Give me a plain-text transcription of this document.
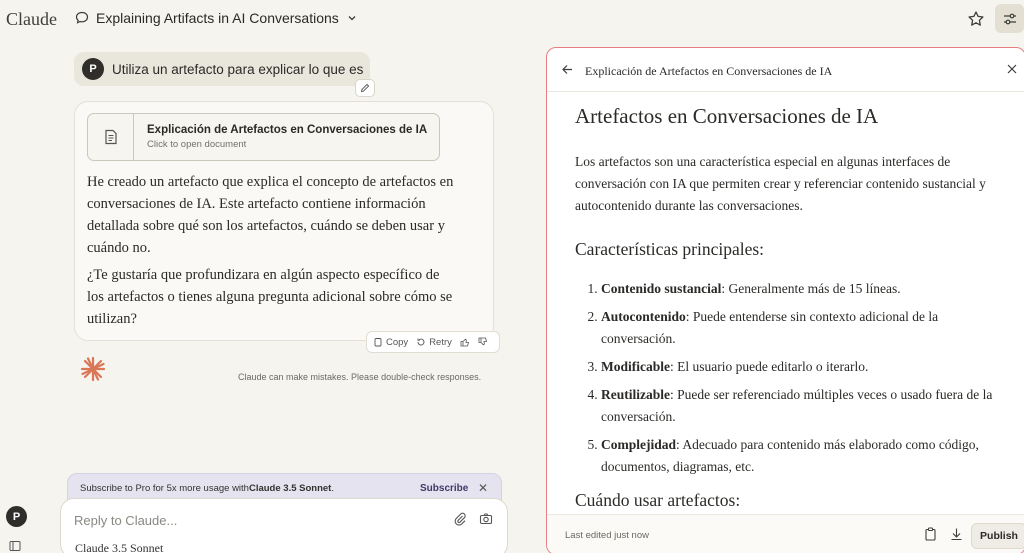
Claude	Explaining Artifacts in AI Conversations
P	Utiliza un artefacto para explicar lo que es
Explicación de Artefactos en Conversaciones de IA
Click to open document
He creado un artefacto que explica el concepto de artefactos en conversaciones de IA. Este artefacto contiene información detallada sobre qué son los artefactos, cuándo se deben usar y cuándo no.
¿Te gustaría que profundizara en algún aspecto específico de los artefactos o tienes alguna pregunta adicional sobre cómo se utilizan?
Copy Retry
Claude can make mistakes. Please double-check responses.
Subscribe to Pro for 5x more usage with Claude 3.5 Sonnet .	Subscribe ✕
Reply to Claude...
Claude 3.5 Sonnet
P
Explicación de Artefactos en Conversaciones de IA
Artefactos en Conversaciones de IA

Los artefactos son una característica especial en algunas interfaces de conversación con IA que permiten crear y referenciar contenido sustancial y autocontenido durante las conversaciones.

Características principales:
1. Contenido sustancial: Generalmente más de 15 líneas.
2. Autocontenido: Puede entenderse sin contexto adicional de la conversación.
3. Modificable: El usuario puede editarlo o iterarlo.
4. Reutilizable: Puede ser referenciado múltiples veces o usado fuera de la conversación.
5. Complejidad: Adecuado para contenido más elaborado como código, documentos, diagramas, etc.
Cuándo usar artefactos:
Last edited just now	Publish
